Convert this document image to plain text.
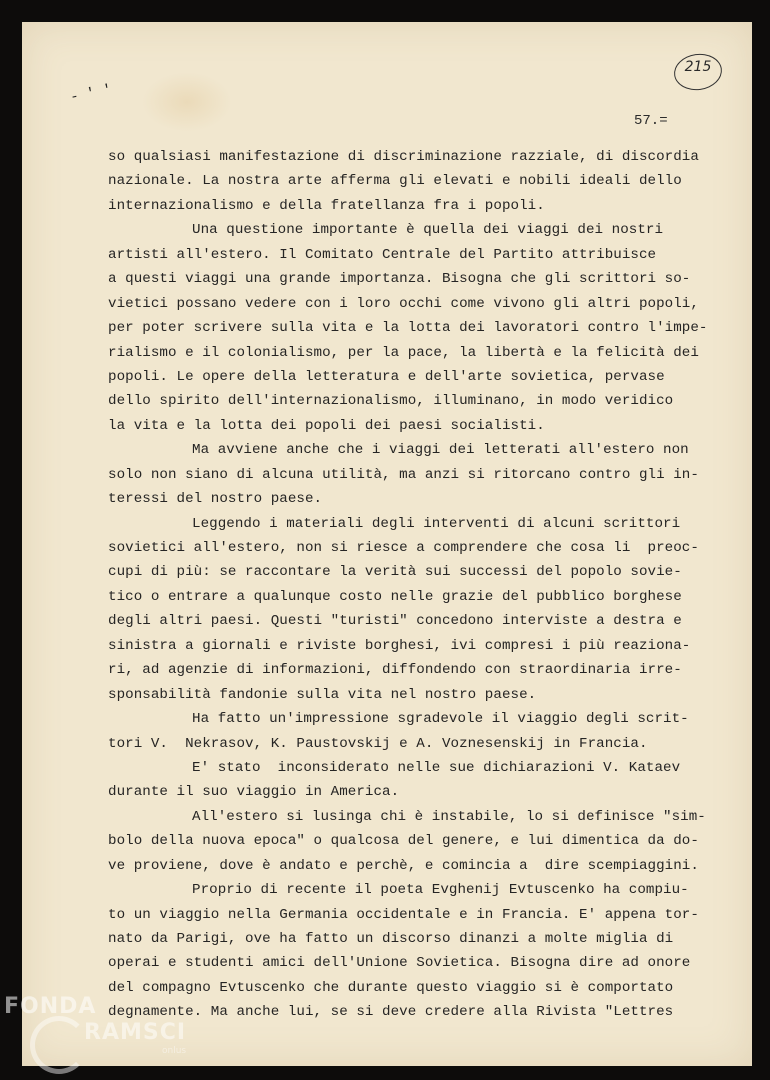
- ' '
215
57.=
so qualsiasi manifestazione di discriminazione razziale, di discordia
nazionale. La nostra arte afferma gli elevati e nobili ideali dello
internazionalismo e della fratellanza fra i popoli.
Una questione importante è quella dei viaggi dei nostri
artisti all'estero. Il Comitato Centrale del Partito attribuisce
a questi viaggi una grande importanza. Bisogna che gli scrittori so-
vietici possano vedere con i loro occhi come vivono gli altri popoli,
per poter scrivere sulla vita e la lotta dei lavoratori contro l'impe-
rialismo e il colonialismo, per la pace, la libertà e la felicità dei
popoli. Le opere della letteratura e dell'arte sovietica, pervase
dello spirito dell'internazionalismo, illuminano, in modo veridico
la vita e la lotta dei popoli dei paesi socialisti.
Ma avviene anche che i viaggi dei letterati all'estero non
solo non siano di alcuna utilità, ma anzi si ritorcano contro gli in-
teressi del nostro paese.
Leggendo i materiali degli interventi di alcuni scrittori
sovietici all'estero, non si riesce a comprendere che cosa li  preoc-
cupi di più: se raccontare la verità sui successi del popolo sovie-
tico o entrare a qualunque costo nelle grazie del pubblico borghese
degli altri paesi. Questi "turisti" concedono interviste a destra e
sinistra a giornali e riviste borghesi, ivi compresi i più reaziona-
ri, ad agenzie di informazioni, diffondendo con straordinaria irre-
sponsabilità fandonie sulla vita nel nostro paese.
Ha fatto un'impressione sgradevole il viaggio degli scrit-
tori V.  Nekrasov, K. Paustovskij e A. Voznesenskij in Francia.
E' stato  inconsiderato nelle sue dichiarazioni V. Kataev
durante il suo viaggio in America.
All'estero si lusinga chi è instabile, lo si definisce "sim-
bolo della nuova epoca" o qualcosa del genere, e lui dimentica da do-
ve proviene, dove è andato e perchè, e comincia a  dire scempiaggini.
Proprio di recente il poeta Evghenij Evtuscenko ha compiu-
to un viaggio nella Germania occidentale e in Francia. E' appena tor-
nato da Parigi, ove ha fatto un discorso dinanzi a molte miglia di
operai e studenti amici dell'Unione Sovietica. Bisogna dire ad onore
del compagno Evtuscenko che durante questo viaggio si è comportato
degnamente. Ma anche lui, se si deve credere alla Rivista "Lettres
FONDA
RAMSCI
onlus
